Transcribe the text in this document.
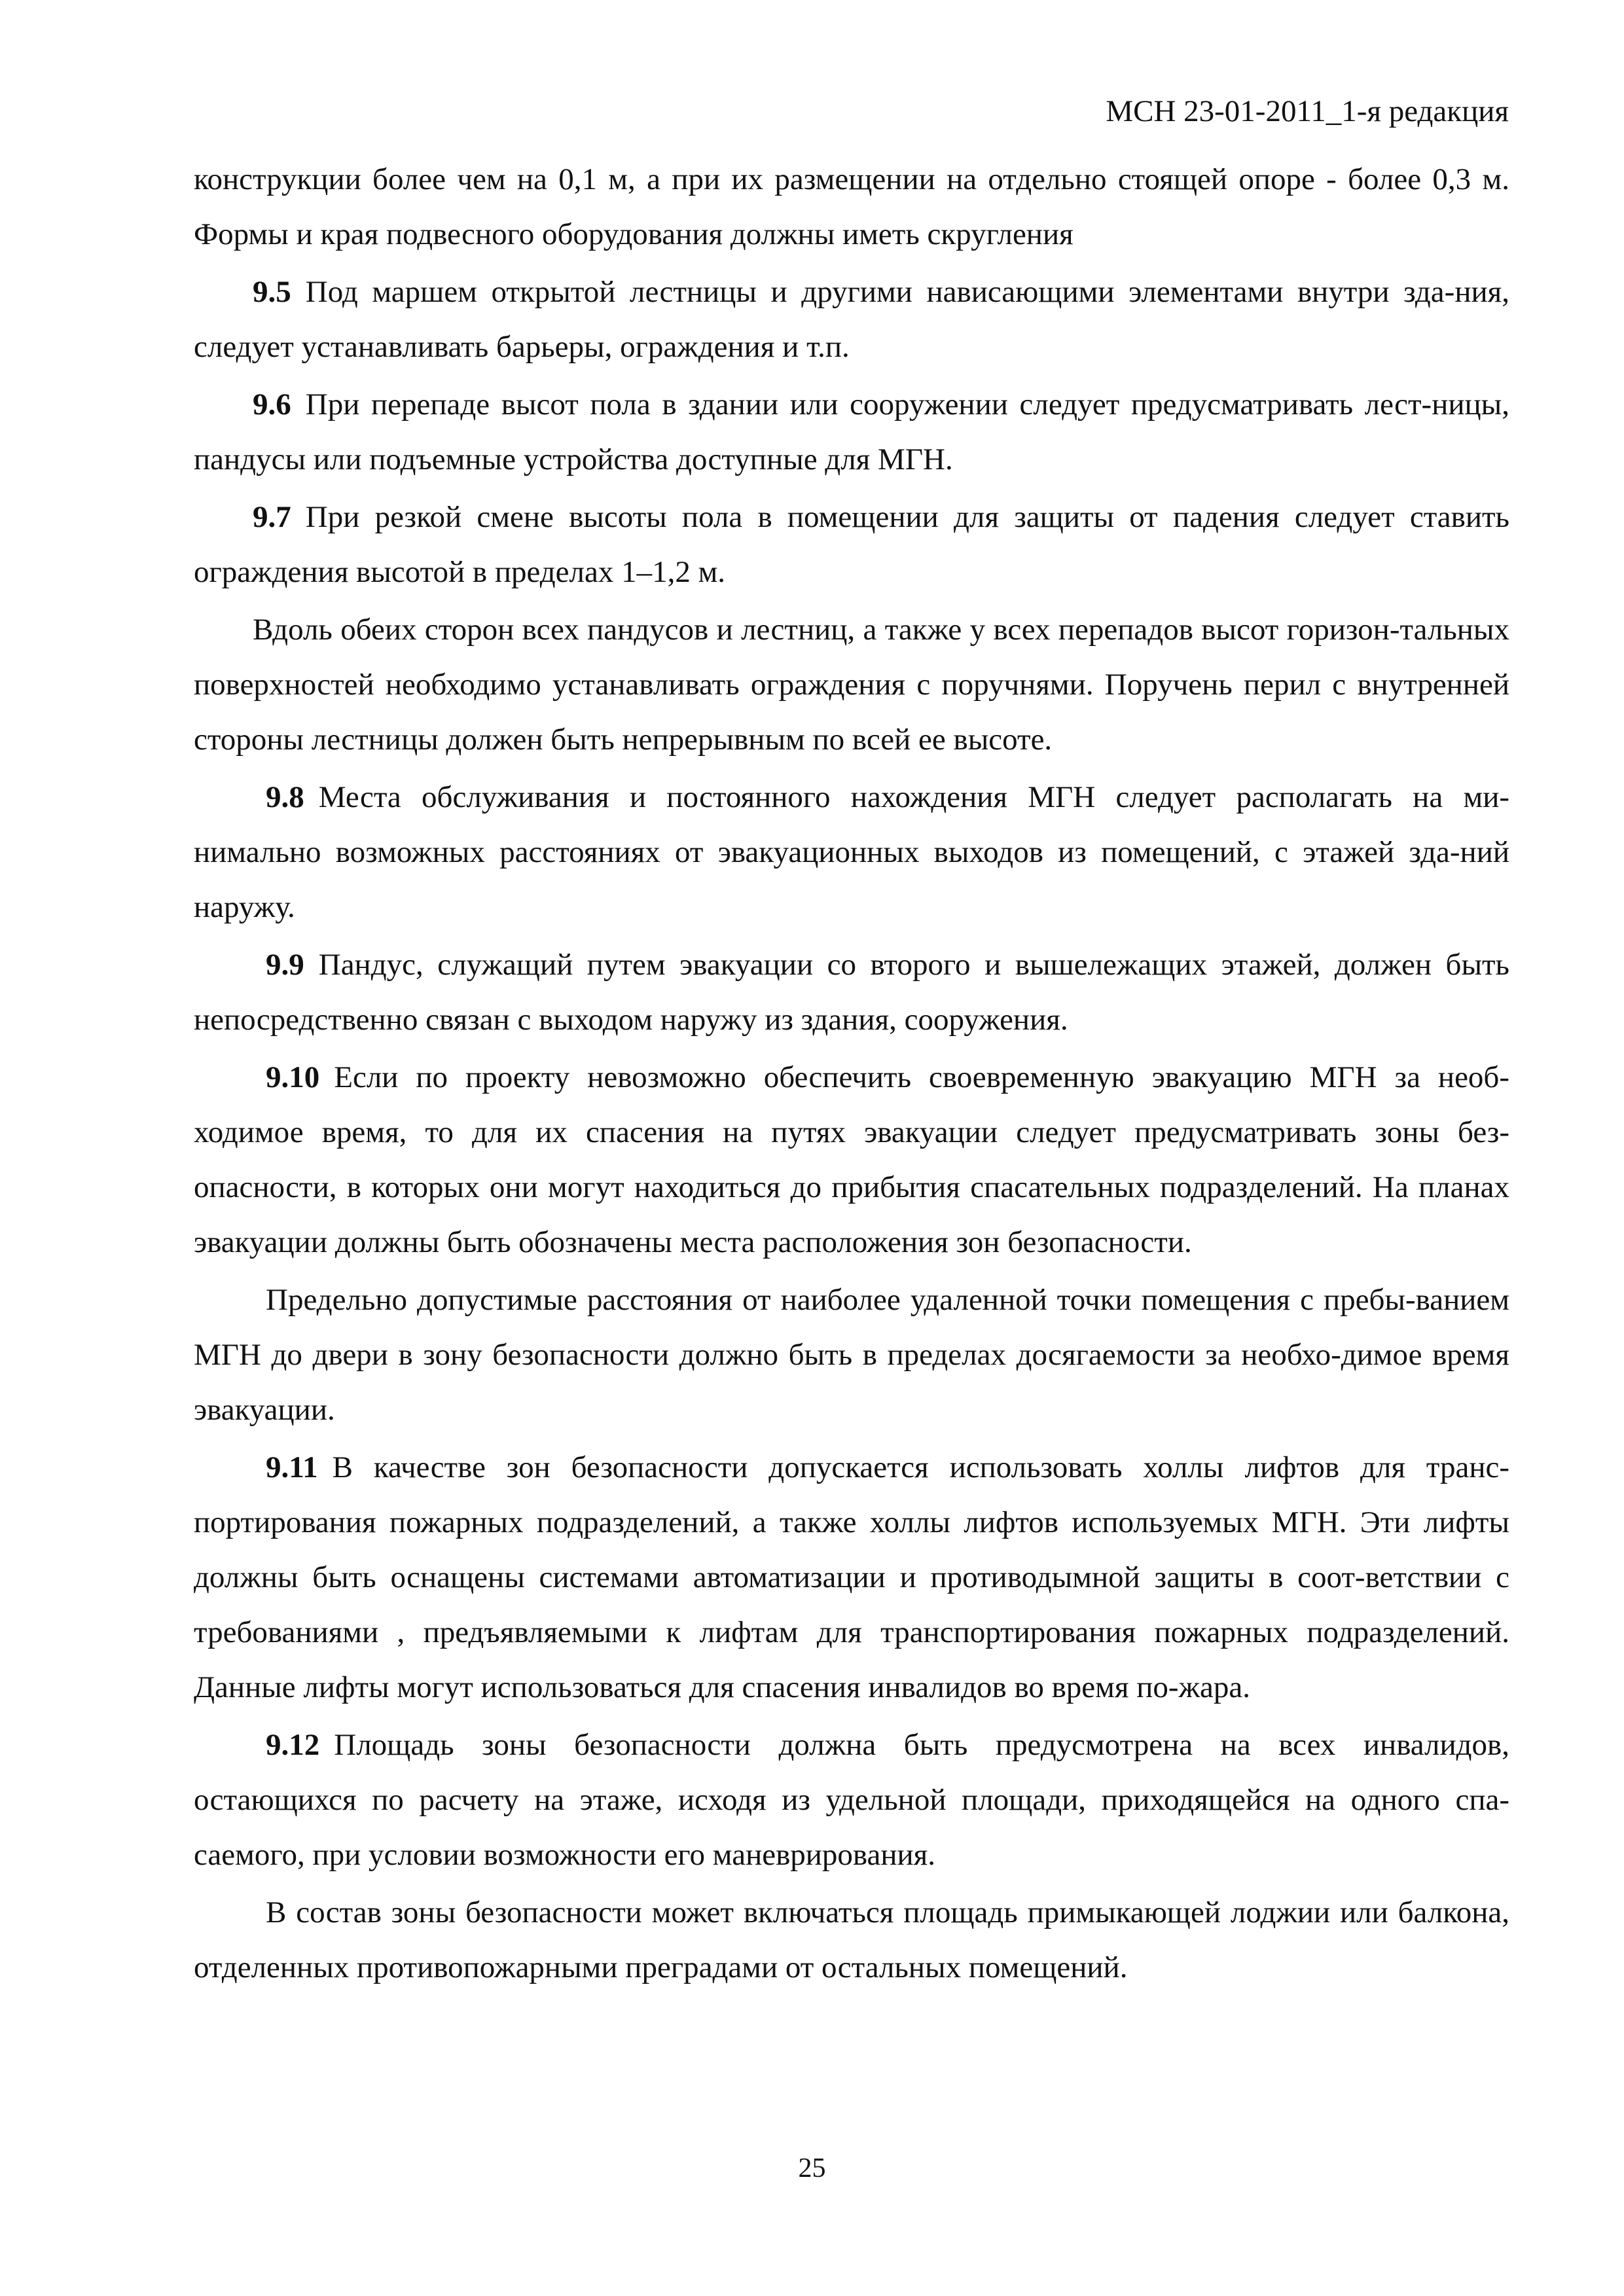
МСН 23-01-2011_1-я редакция

конструкции более чем на 0,1 м, а при их размещении на отдельно стоящей опоре - более 0,3 м. Формы и края подвесного оборудования должны иметь скругления

9.5 Под маршем открытой лестницы и другими нависающими элементами внутри зда-ния, следует устанавливать барьеры, ограждения и т.п.

9.6 При перепаде высот пола в здании или сооружении следует предусматривать лест-ницы, пандусы или подъемные устройства доступные для МГН.

9.7 При резкой смене высоты пола в помещении для защиты от падения следует ставить ограждения высотой в пределах 1–1,2 м.

Вдоль обеих сторон всех пандусов и лестниц, а также у всех перепадов высот горизон-тальных поверхностей необходимо устанавливать ограждения с поручнями. Поручень перил с внутренней стороны лестницы должен быть непрерывным по всей ее высоте.

9.8 Места обслуживания и постоянного нахождения МГН следует располагать на ми-нимально возможных расстояниях от эвакуационных выходов из помещений, с этажей зда-ний наружу.

9.9 Пандус, служащий путем эвакуации со второго и вышележащих этажей, должен быть непосредственно связан с выходом наружу из здания, сооружения.

9.10 Если по проекту невозможно обеспечить своевременную эвакуацию МГН за необ-ходимое время, то для их спасения на путях эвакуации следует предусматривать зоны без-опасности, в которых они могут находиться до прибытия спасательных подразделений. На планах эвакуации должны быть обозначены места расположения зон безопасности.

Предельно допустимые расстояния от наиболее удаленной точки помещения с пребы-ванием МГН до двери в зону безопасности должно быть в пределах досягаемости за необхо-димое время эвакуации.

9.11 В качестве зон безопасности допускается использовать холлы лифтов для транс-портирования пожарных подразделений, а также холлы лифтов используемых МГН. Эти лифты должны быть оснащены системами автоматизации и противодымной защиты в соот-ветствии с требованиями , предъявляемыми к лифтам для транспортирования пожарных подразделений. Данные лифты могут использоваться для спасения инвалидов во время по-жара.

9.12 Площадь зоны безопасности должна быть предусмотрена на всех инвалидов, остающихся по расчету на этаже, исходя из удельной площади, приходящейся на одного спа-саемого, при условии возможности его маневрирования.

В состав зоны безопасности может включаться площадь примыкающей лоджии или балкона, отделенных противопожарными преградами от остальных помещений.

25
